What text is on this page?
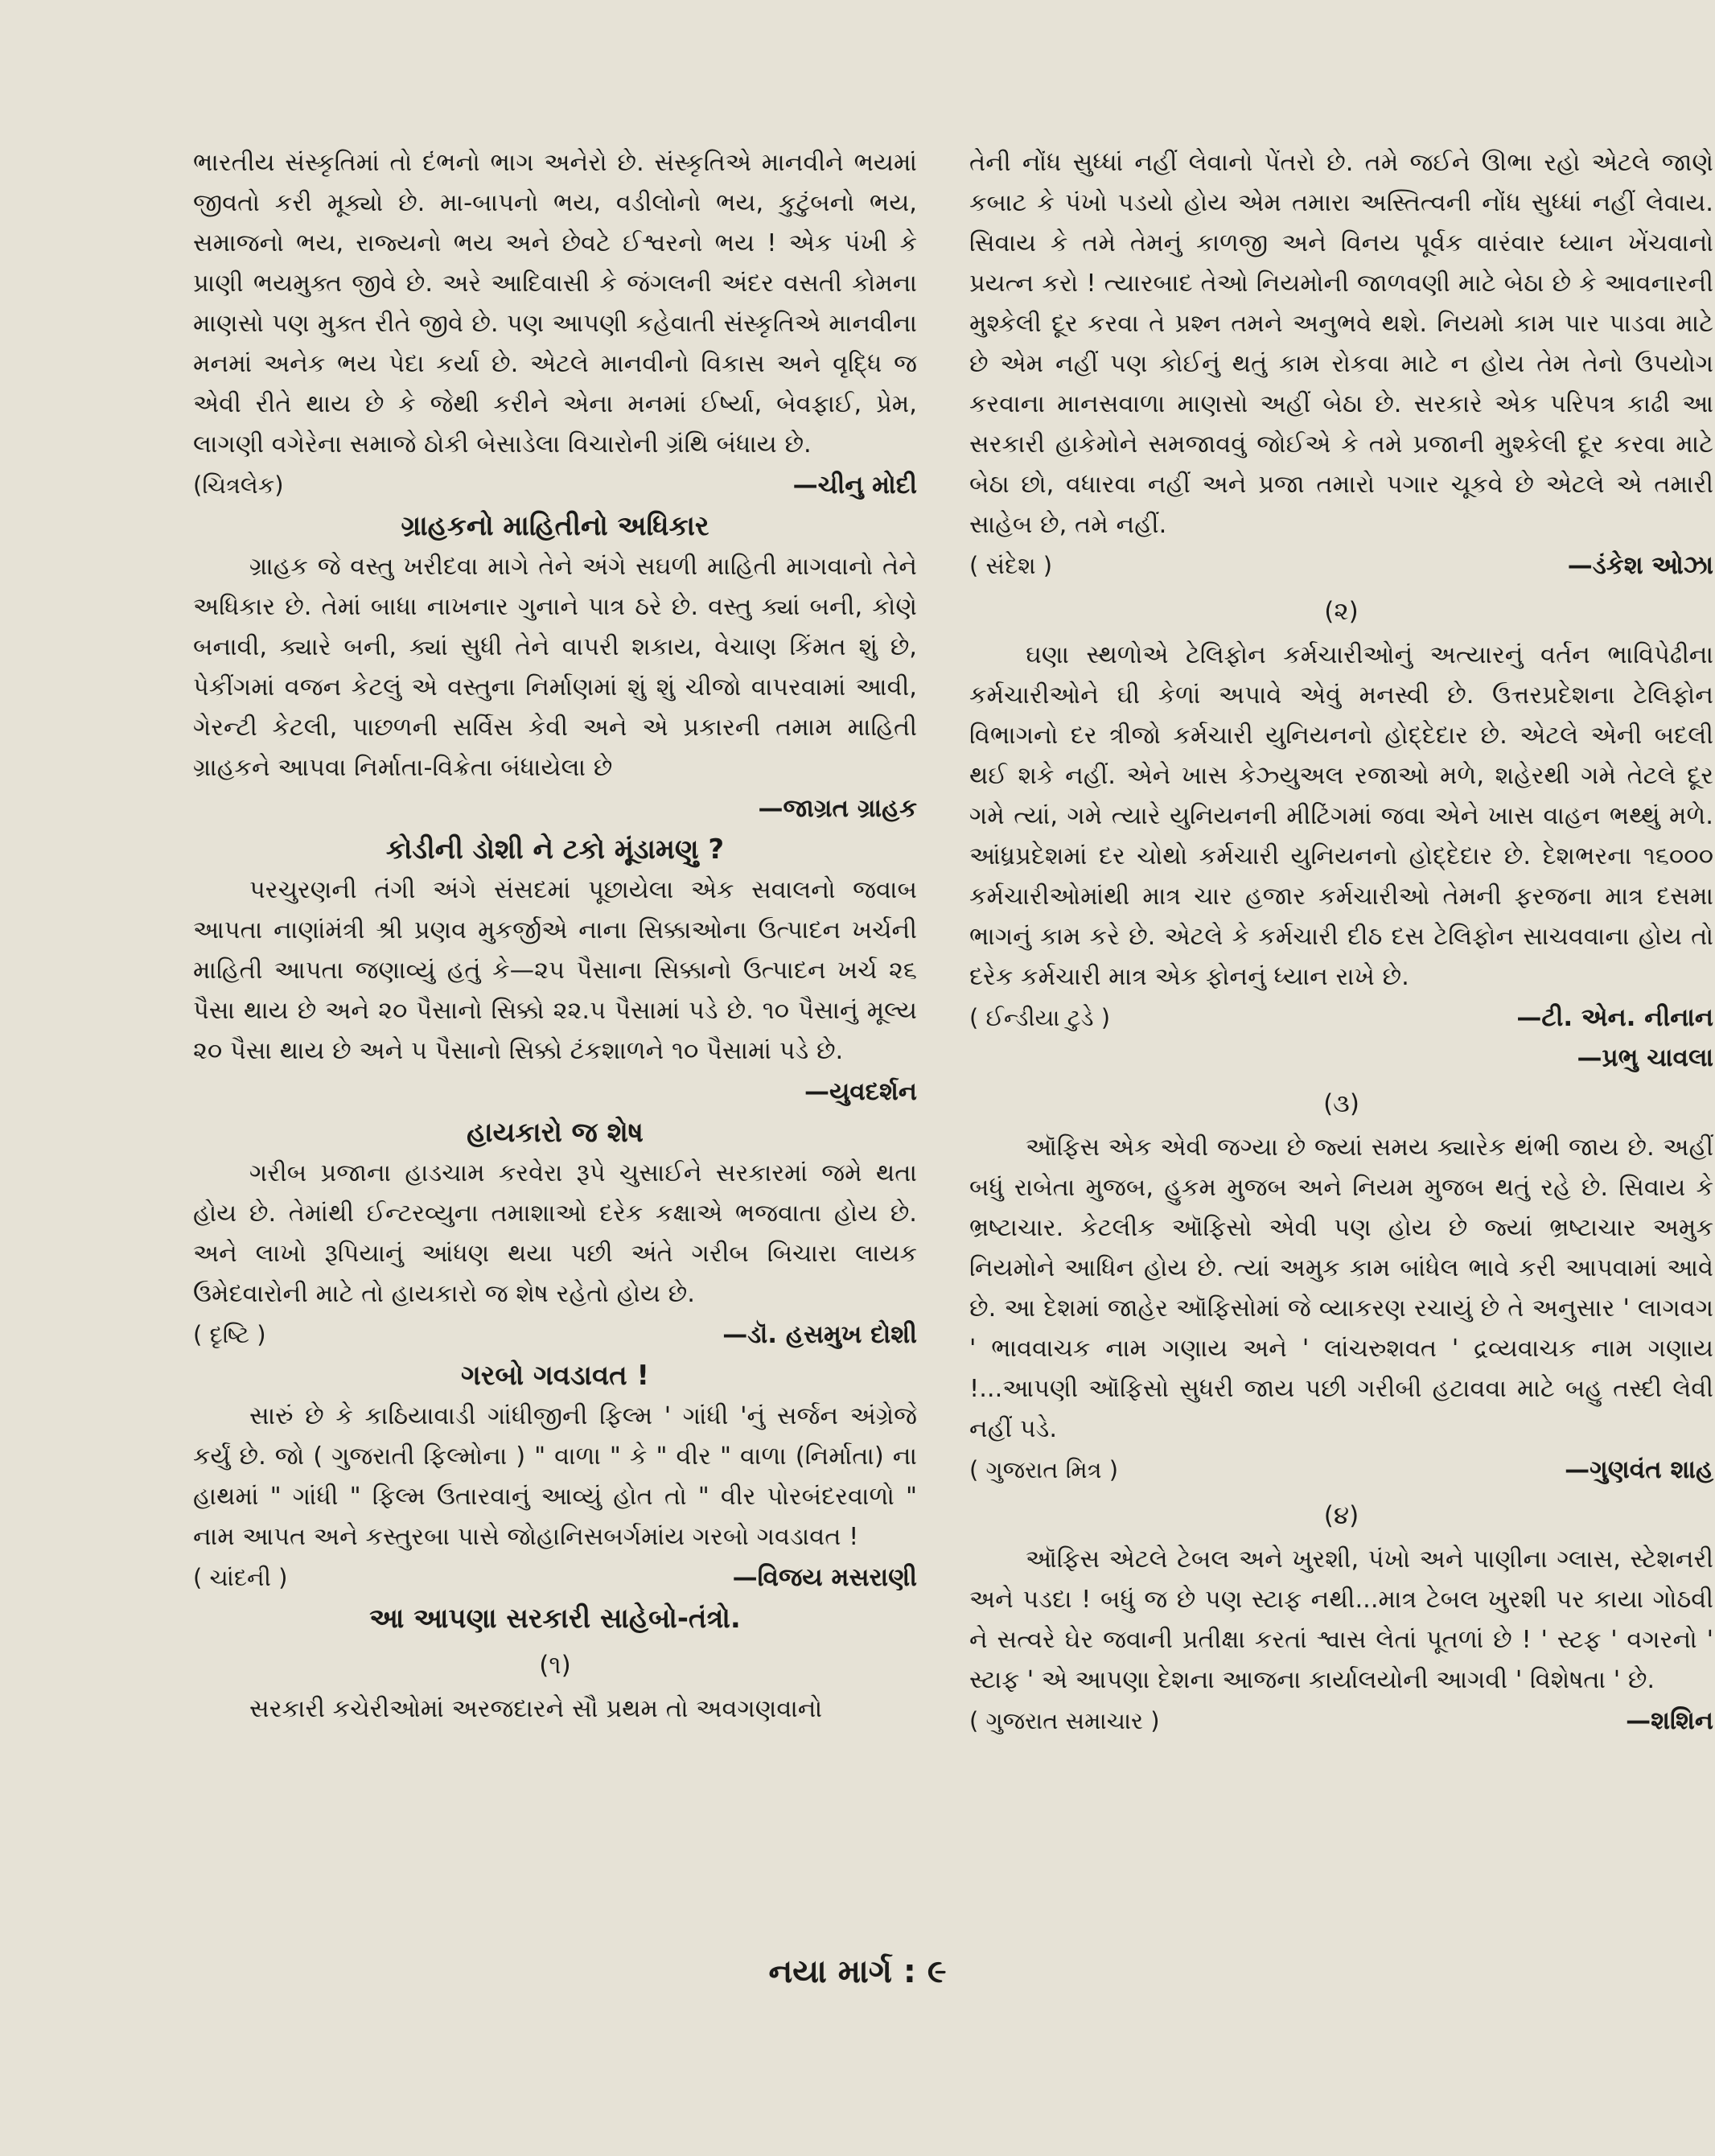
ભારતીય સંસ્કૃતિમાં તો દંભનો ભાગ અનેરો છે. સંસ્કૃતિએ માનવીને ભયમાં જીવતો કરી મૂક્યો છે. મા-બાપનો ભય, વડીલોનો ભય, કુટુંબનો ભય, સમાજનો ભય, રાજ્યનો ભય અને છેવટે ઈશ્વરનો ભય ! એક પંખી કે પ્રાણી ભયમુક્ત જીવે છે. અરે આદિવાસી કે જંગલની અંદર વસતી કોમના માણસો પણ મુક્ત રીતે જીવે છે. પણ આપણી કહેવાતી સંસ્કૃતિએ માનવીના મનમાં અનેક ભય પેદા કર્યા છે. એટલે માનવીનો વિકાસ અને વૃદ્ધિ જ એવી રીતે થાય છે કે જેથી કરીને એના મનમાં ઈર્ષ્યા, બેવફાઈ, પ્રેમ, લાગણી વગેરેના સમાજે ઠોકી બેસાડેલા વિચારોની ગ્રંથિ બંધાય છે.

(ચિત્રલેક)	—ચીનુ મોદી
ગ્રાહકનો માહિતીનો અધિકાર

ગ્રાહક જે વસ્તુ ખરીદવા માગે તેને અંગે સઘળી માહિતી માગવાનો તેને અધિકાર છે. તેમાં બાધા નાખનાર ગુનાને પાત્ર ઠરે છે. વસ્તુ ક્યાં બની, કોણે બનાવી, ક્યારે બની, ક્યાં સુધી તેને વાપરી શકાય, વેચાણ કિંમત શું છે, પેકીંગમાં વજન કેટલું એ વસ્તુના નિર્માણમાં શું શું ચીજો વાપરવામાં આવી, ગેરન્ટી કેટલી, પાછળની સર્વિસ કેવી અને એ પ્રકારની તમામ માહિતી ગ્રાહકને આપવા નિર્માતા-વિક્રેતા બંધાયેલા છે

—જાગ્રત ગ્રાહક
કોડીની ડોશી ને ટકો મૂંડામણુ ?

પરચુરણની તંગી અંગે સંસદમાં પૂછાયેલા એક સવાલનો જવાબ આપતા નાણાંમંત્રી શ્રી પ્રણવ મુકર્જીએ નાના સિક્કાઓના ઉત્પાદન ખર્ચની માહિતી આપતા જણાવ્યું હતું કે—૨૫ પૈસાના સિક્કાનો ઉત્પાદન ખર્ચ ૨૬ પૈસા થાય છે અને ૨૦ પૈસાનો સિક્કો ૨૨.૫ પૈસામાં પડે છે. ૧૦ પૈસાનું મૂલ્ય ૨૦ પૈસા થાય છે અને ૫ પૈસાનો સિક્કો ટંકશાળને ૧૦ પૈસામાં પડે છે.

—યુવદર્શન
હાયકારો જ શેષ

ગરીબ પ્રજાના હાડચામ કરવેરા રૂપે ચુસાઈને સરકારમાં જમે થતા હોય છે. તેમાંથી ઈન્ટરવ્યુના તમાશાઓ દરેક કક્ષાએ ભજવાતા હોય છે. અને લાખો રૂપિયાનું આંધણ થયા પછી અંતે ગરીબ બિચારા લાયક ઉમેદવારોની માટે તો હાયકારો જ શેષ રહેતો હોય છે.

( દૃષ્ટિ )	—ડૉ. હસમુખ દોશી
ગરબો ગવડાવત !

સારું છે કે કાઠિયાવાડી ગાંધીજીની ફિલ્મ ' ગાંધી 'નું સર્જન અંગ્રેજે કર્યું છે. જો ( ગુજરાતી ફિલ્મોના ) " વાળા " કે " વીર " વાળા (નિર્માતા) ના હાથમાં " ગાંધી " ફિલ્મ ઉતારવાનું આવ્યું હોત તો " વીર પોરબંદરવાળો " નામ આપત અને કસ્તુરબા પાસે જોહાનિસબર્ગમાંય ગરબો ગવડાવત !

( ચાંદની )	—વિજય મસરાણી
આ આપણા સરકારી સાહેબો-તંત્રો.
(૧)

સરકારી કચેરીઓમાં અરજદારને સૌ પ્રથમ તો અવગણવાનો

તેની નોંધ સુધ્ધાં નહીં લેવાનો પેંતરો છે. તમે જઈને ઊભા રહો એટલે જાણે કબાટ કે પંખો પડયો હોય એમ તમારા અસ્તિત્વની નોંધ સુધ્ધાં નહીં લેવાય. સિવાય કે તમે તેમનું કાળજી અને વિનય પૂર્વક વારંવાર ધ્યાન ખેંચવાનો પ્રયત્ન કરો ! ત્યારબાદ તેઓ નિયમોની જાળવણી માટે બેઠા છે કે આવનારની મુશ્કેલી દૂર કરવા તે પ્રશ્ન તમને અનુભવે થશે. નિયમો કામ પાર પાડવા માટે છે એમ નહીં પણ કોઈનું થતું કામ રોકવા માટે ન હોય તેમ તેનો ઉપયોગ કરવાના માનસવાળા માણસો અહીં બેઠા છે. સરકારે એક પરિપત્ર કાઢી આ સરકારી હાકેમોને સમજાવવું જોઈએ કે તમે પ્રજાની મુશ્કેલી દૂર કરવા માટે બેઠા છો, વધારવા નહીં અને પ્રજા તમારો પગાર ચૂકવે છે એટલે એ તમારી સાહેબ છે, તમે નહીં.

( સંદેશ )	—ડંકેશ ઓઝા
(૨)

ઘણા સ્થળોએ ટેલિફોન કર્મચારીઓનું અત્યારનું વર્તન ભાવિપેઢીના કર્મચારીઓને ઘી કેળાં અપાવે એવું મનસ્વી છે. ઉત્તરપ્રદેશના ટેલિફોન વિભાગનો દર ત્રીજો કર્મચારી યુનિયનનો હોદ્દેદાર છે. એટલે એની બદલી થઈ શકે નહીં. એને ખાસ કેઝ્યુઅલ રજાઓ મળે, શહેરથી ગમે તેટલે દૂર ગમે ત્યાં, ગમે ત્યારે યુનિયનની મીટિંગમાં જવા એને ખાસ વાહન ભથ્થું મળે. આંધ્રપ્રદેશમાં દર ચોથો કર્મચારી યુનિયનનો હોદ્દેદાર છે. દેશભરના ૧૬૦૦૦ કર્મચારીઓમાંથી માત્ર ચાર હજાર કર્મચારીઓ તેમની ફરજના માત્ર દસમા ભાગનું કામ કરે છે. એટલે કે કર્મચારી દીઠ દસ ટેલિફોન સાચવવાના હોય તો દરેક કર્મચારી માત્ર એક ફોનનું ધ્યાન રાખે છે.

( ઈન્ડીયા ટુડે )	—ટી. એન. નીનાન
—પ્રભુ ચાવલા
(૩)

ઑફિસ એક એવી જગ્યા છે જ્યાં સમય ક્યારેક થંભી જાય છે. અહીં બધું રાબેતા મુજબ, હુકમ મુજબ અને નિયમ મુજબ થતું રહે છે. સિવાય કે ભ્રષ્ટાચાર. કેટલીક ઑફિસો એવી પણ હોય છે જ્યાં ભ્રષ્ટાચાર અમુક નિયમોને આધિન હોય છે. ત્યાં અમુક કામ બાંધેલ ભાવે કરી આપવામાં આવે છે. આ દેશમાં જાહેર ઑફિસોમાં જે વ્યાકરણ રચાયું છે તે અનુસાર ' લાગવગ ' ભાવવાચક નામ ગણાય અને ' લાંચરુશવત ' દ્રવ્યવાચક નામ ગણાય !...આપણી ઑફિસો સુધરી જાય પછી ગરીબી હટાવવા માટે બહુ તસ્દી લેવી નહીં પડે.

( ગુજરાત મિત્ર )	—ગુણવંત શાહ
(૪)

ઑફિસ એટલે ટેબલ અને ખુરશી, પંખો અને પાણીના ગ્લાસ, સ્ટેશનરી અને પડદા ! બધું જ છે પણ સ્ટાફ નથી...માત્ર ટેબલ ખુરશી પર કાયા ગોઠવી ને સત્વરે ઘેર જવાની પ્રતીક્ષા કરતાં શ્વાસ લેતાં પૂતળાં છે ! ' સ્ટફ ' વગરનો ' સ્ટાફ ' એ આપણા દેશના આજના કાર્યાલયોની આગવી ' વિશેષતા ' છે.

( ગુજરાત સમાચાર )	—શશિન
નયા માર્ગ : ૯
